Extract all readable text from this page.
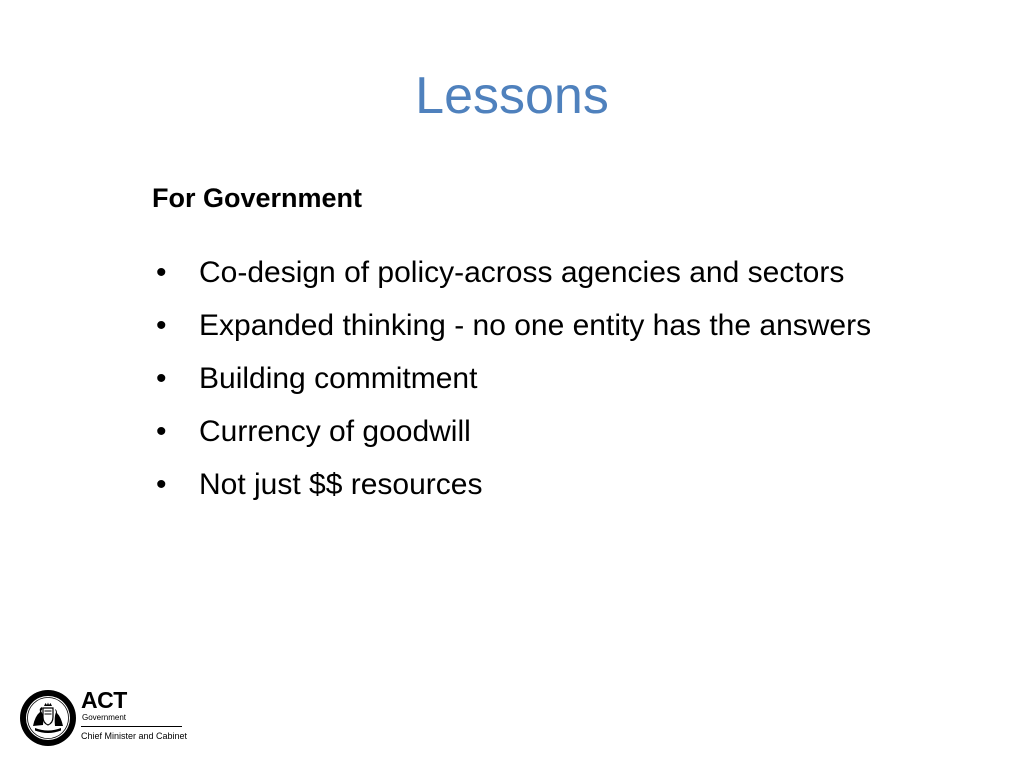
Lessons
For Government
•	Co-design of policy-across agencies and sectors
•	Expanded thinking - no one entity has the answers
•	Building commitment
•	Currency of goodwill
•	Not just $$ resources
ACT
Government
Chief Minister and Cabinet
